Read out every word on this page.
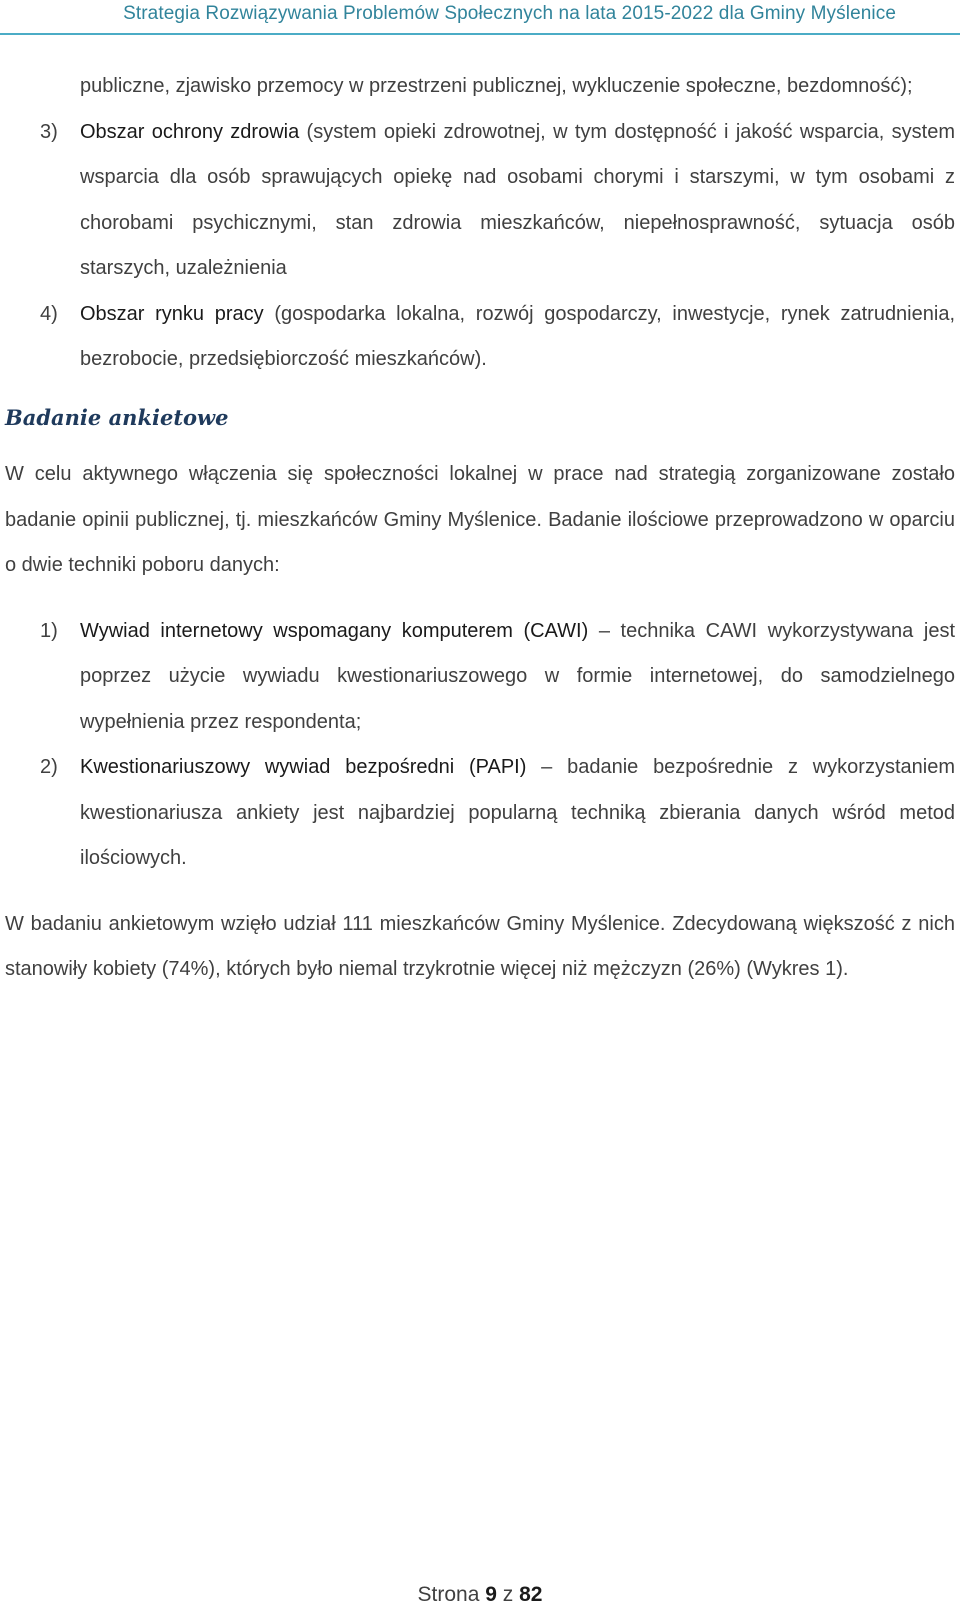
Strategia Rozwiązywania Problemów Społecznych na lata 2015-2022 dla Gminy Myślenice

publiczne, zjawisko przemocy w przestrzeni publicznej, wykluczenie społeczne, bezdomność);

3) Obszar ochrony zdrowia (system opieki zdrowotnej, w tym dostępność i jakość wsparcia, system wsparcia dla osób sprawujących opiekę nad osobami chorymi i starszymi, w tym osobami z chorobami psychicznymi, stan zdrowia mieszkańców, niepełnosprawność, sytuacja osób starszych, uzależnienia

4) Obszar rynku pracy (gospodarka lokalna, rozwój gospodarczy, inwestycje, rynek zatrudnienia, bezrobocie, przedsiębiorczość mieszkańców).

Badanie ankietowe

W celu aktywnego włączenia się społeczności lokalnej w prace nad strategią zorganizowane zostało badanie opinii publicznej, tj. mieszkańców Gminy Myślenice. Badanie ilościowe przeprowadzono w oparciu o dwie techniki poboru danych:

1) Wywiad internetowy wspomagany komputerem (CAWI) – technika CAWI wykorzystywana jest poprzez użycie wywiadu kwestionariuszowego w formie internetowej, do samodzielnego wypełnienia przez respondenta;

2) Kwestionariuszowy wywiad bezpośredni (PAPI) – badanie bezpośrednie z wykorzystaniem kwestionariusza ankiety jest najbardziej popularną techniką zbierania danych wśród metod ilościowych.

W badaniu ankietowym wzięło udział 111 mieszkańców Gminy Myślenice. Zdecydowaną większość z nich stanowiły kobiety (74%), których było niemal trzykrotnie więcej niż mężczyzn (26%) (Wykres 1).

Strona 9 z 82
